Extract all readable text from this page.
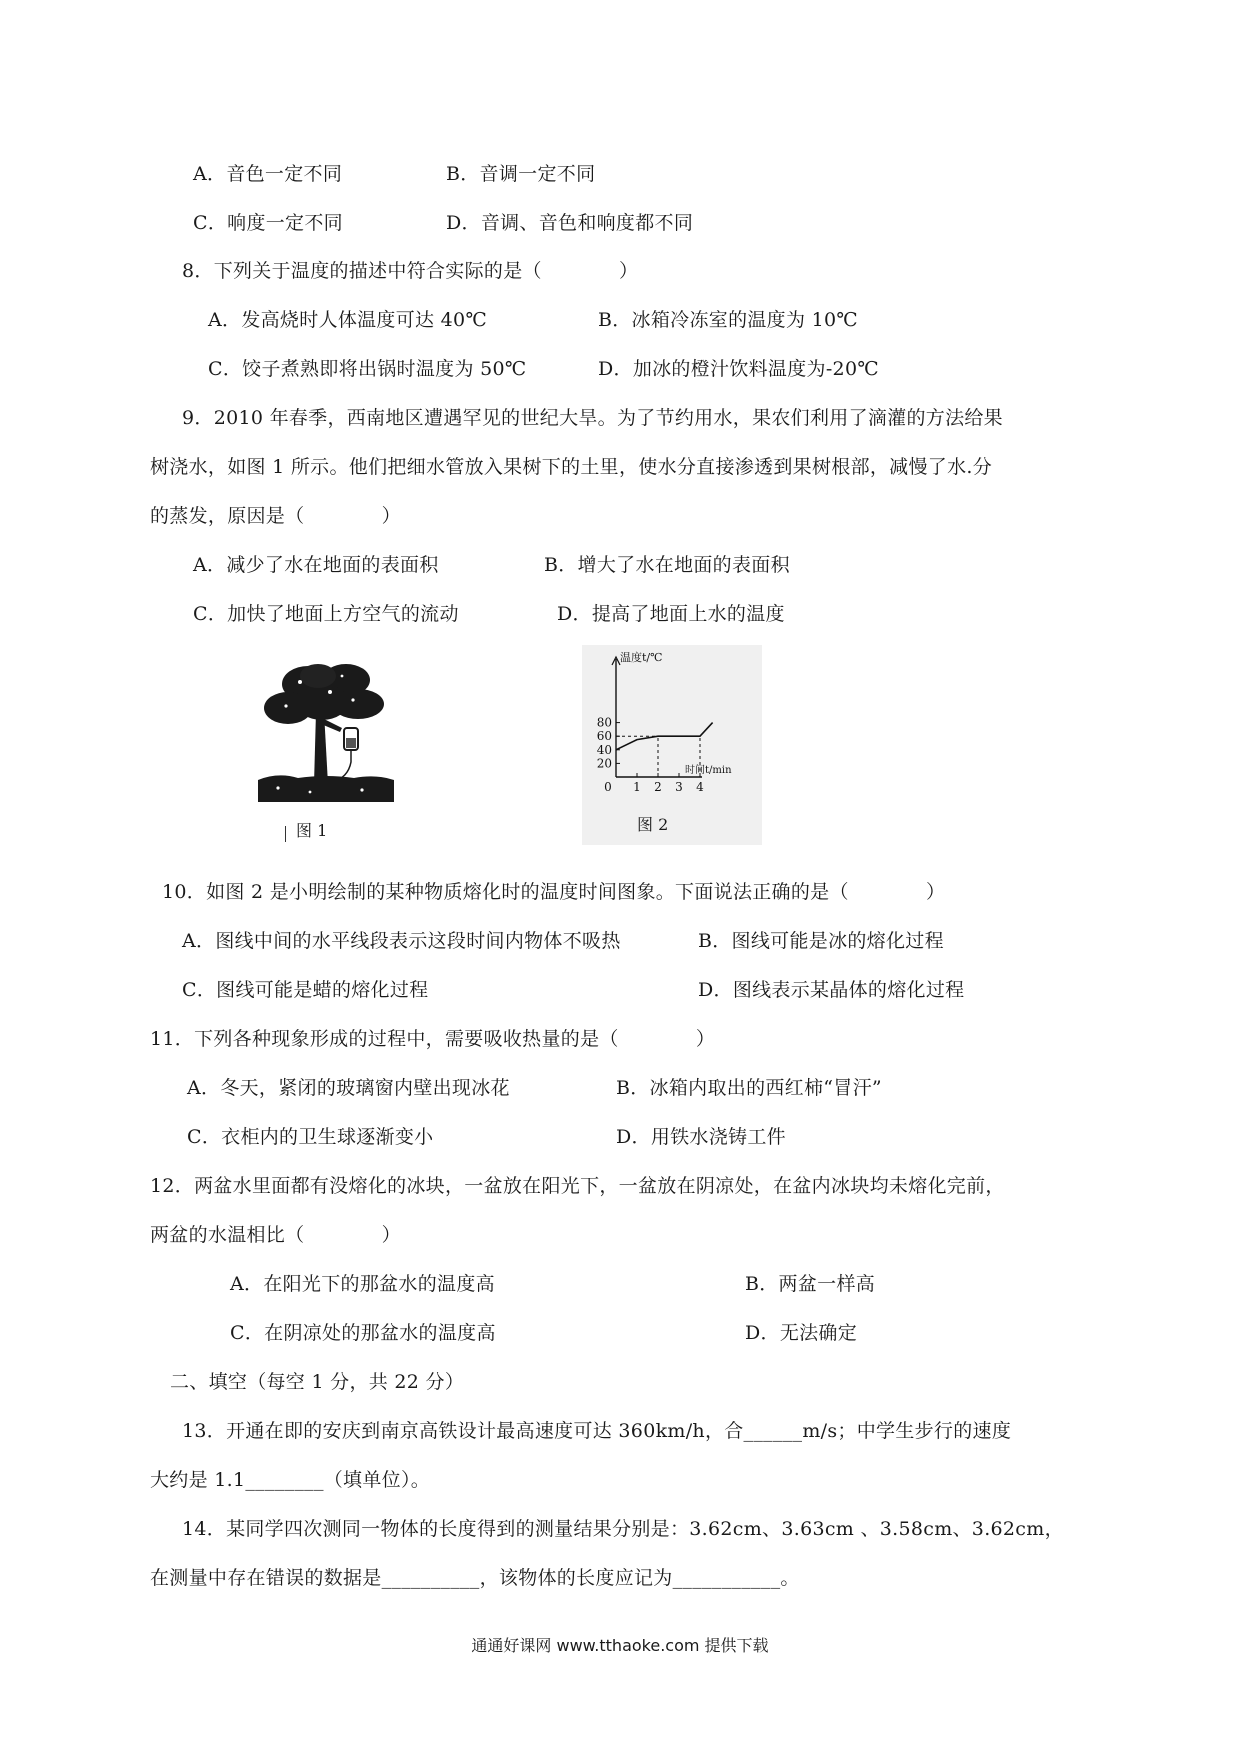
A．音色一定不同	B．音调一定不同
C．响度一定不同	D．音调、音色和响度都不同
8．下列关于温度的描述中符合实际的是（　　　　）
A．发高烧时人体温度可达 40℃	B．冰箱冷冻室的温度为 10℃
C．饺子煮熟即将出锅时温度为 50℃	D．加冰的橙汁饮料温度为-20℃
9．2010 年春季，西南地区遭遇罕见的世纪大旱。为了节约用水，果农们利用了滴灌的方法给果
树浇水，如图 1 所示。他们把细水管放入果树下的土里，使水分直接渗透到果树根部，减慢了水.分
的蒸发，原因是（　　　　）
A．减少了水在地面的表面积	B．增大了水在地面的表面积
C．加快了地面上方空气的流动	D．提高了地面上水的温度
10．如图 2 是小明绘制的某种物质熔化时的温度时间图象。下面说法正确的是（　　　　）
A．图线中间的水平线段表示这段时间内物体不吸热	B．图线可能是冰的熔化过程
C．图线可能是蜡的熔化过程	D．图线表示某晶体的熔化过程
11．下列各种现象形成的过程中，需要吸收热量的是（　　　　）
A．冬天，紧闭的玻璃窗内壁出现冰花	B．冰箱内取出的西红柿“冒汗”
C．衣柜内的卫生球逐渐变小	D．用铁水浇铸工件
12．两盆水里面都有没熔化的冰块，一盆放在阳光下，一盆放在阴凉处，在盆内冰块均未熔化完前，
两盆的水温相比（　　　　）
A．在阳光下的那盆水的温度高	B．两盆一样高
C．在阴凉处的那盆水的温度高	D．无法确定
二、填空（每空 1 分，共 22 分）
13．开通在即的安庆到南京高铁设计最高速度可达 360km/h，合______m/s；中学生步行的速度
大约是 1.1________（填单位）。
14．某同学四次测同一物体的长度得到的测量结果分别是：3.62cm、3.63cm 、3.58cm、3.62cm，
在测量中存在错误的数据是__________，该物体的长度应记为___________。
图 1
温度t/℃
时间t/min
20
40
60
80
0 1 2 3 4
图 2
通通好课网 www.tthaoke.com 提供下载
